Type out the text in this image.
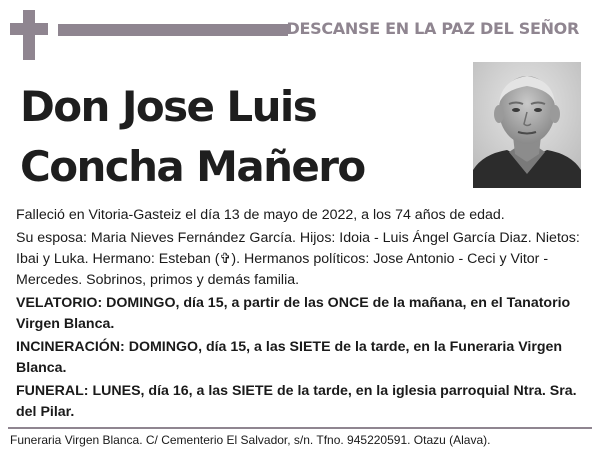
DESCANSE EN LA PAZ DEL SEÑOR
Don Jose Luis
Concha Mañero

Falleció en Vitoria-Gasteiz el día 13 de mayo de 2022, a los 74 años de edad.

Su esposa: Maria Nieves Fernández García. Hijos: Idoia - Luis Ángel García Diaz. Nietos: Ibai y Luka. Hermano: Esteban (✞). Hermanos políticos: Jose Antonio - Ceci y Vitor - Mercedes. Sobrinos, primos y demás familia.

VELATORIO: DOMINGO, día 15, a partir de las ONCE de la mañana, en el Tanatorio Virgen Blanca.

INCINERACIÓN: DOMINGO, día 15, a las SIETE de la tarde, en la Funeraria Virgen Blanca.

FUNERAL: LUNES, día 16, a las SIETE de la tarde, en la iglesia parroquial Ntra. Sra. del Pilar.

Funeraria Virgen Blanca. C/ Cementerio El Salvador, s/n. Tfno. 945220591. Otazu (Alava).
